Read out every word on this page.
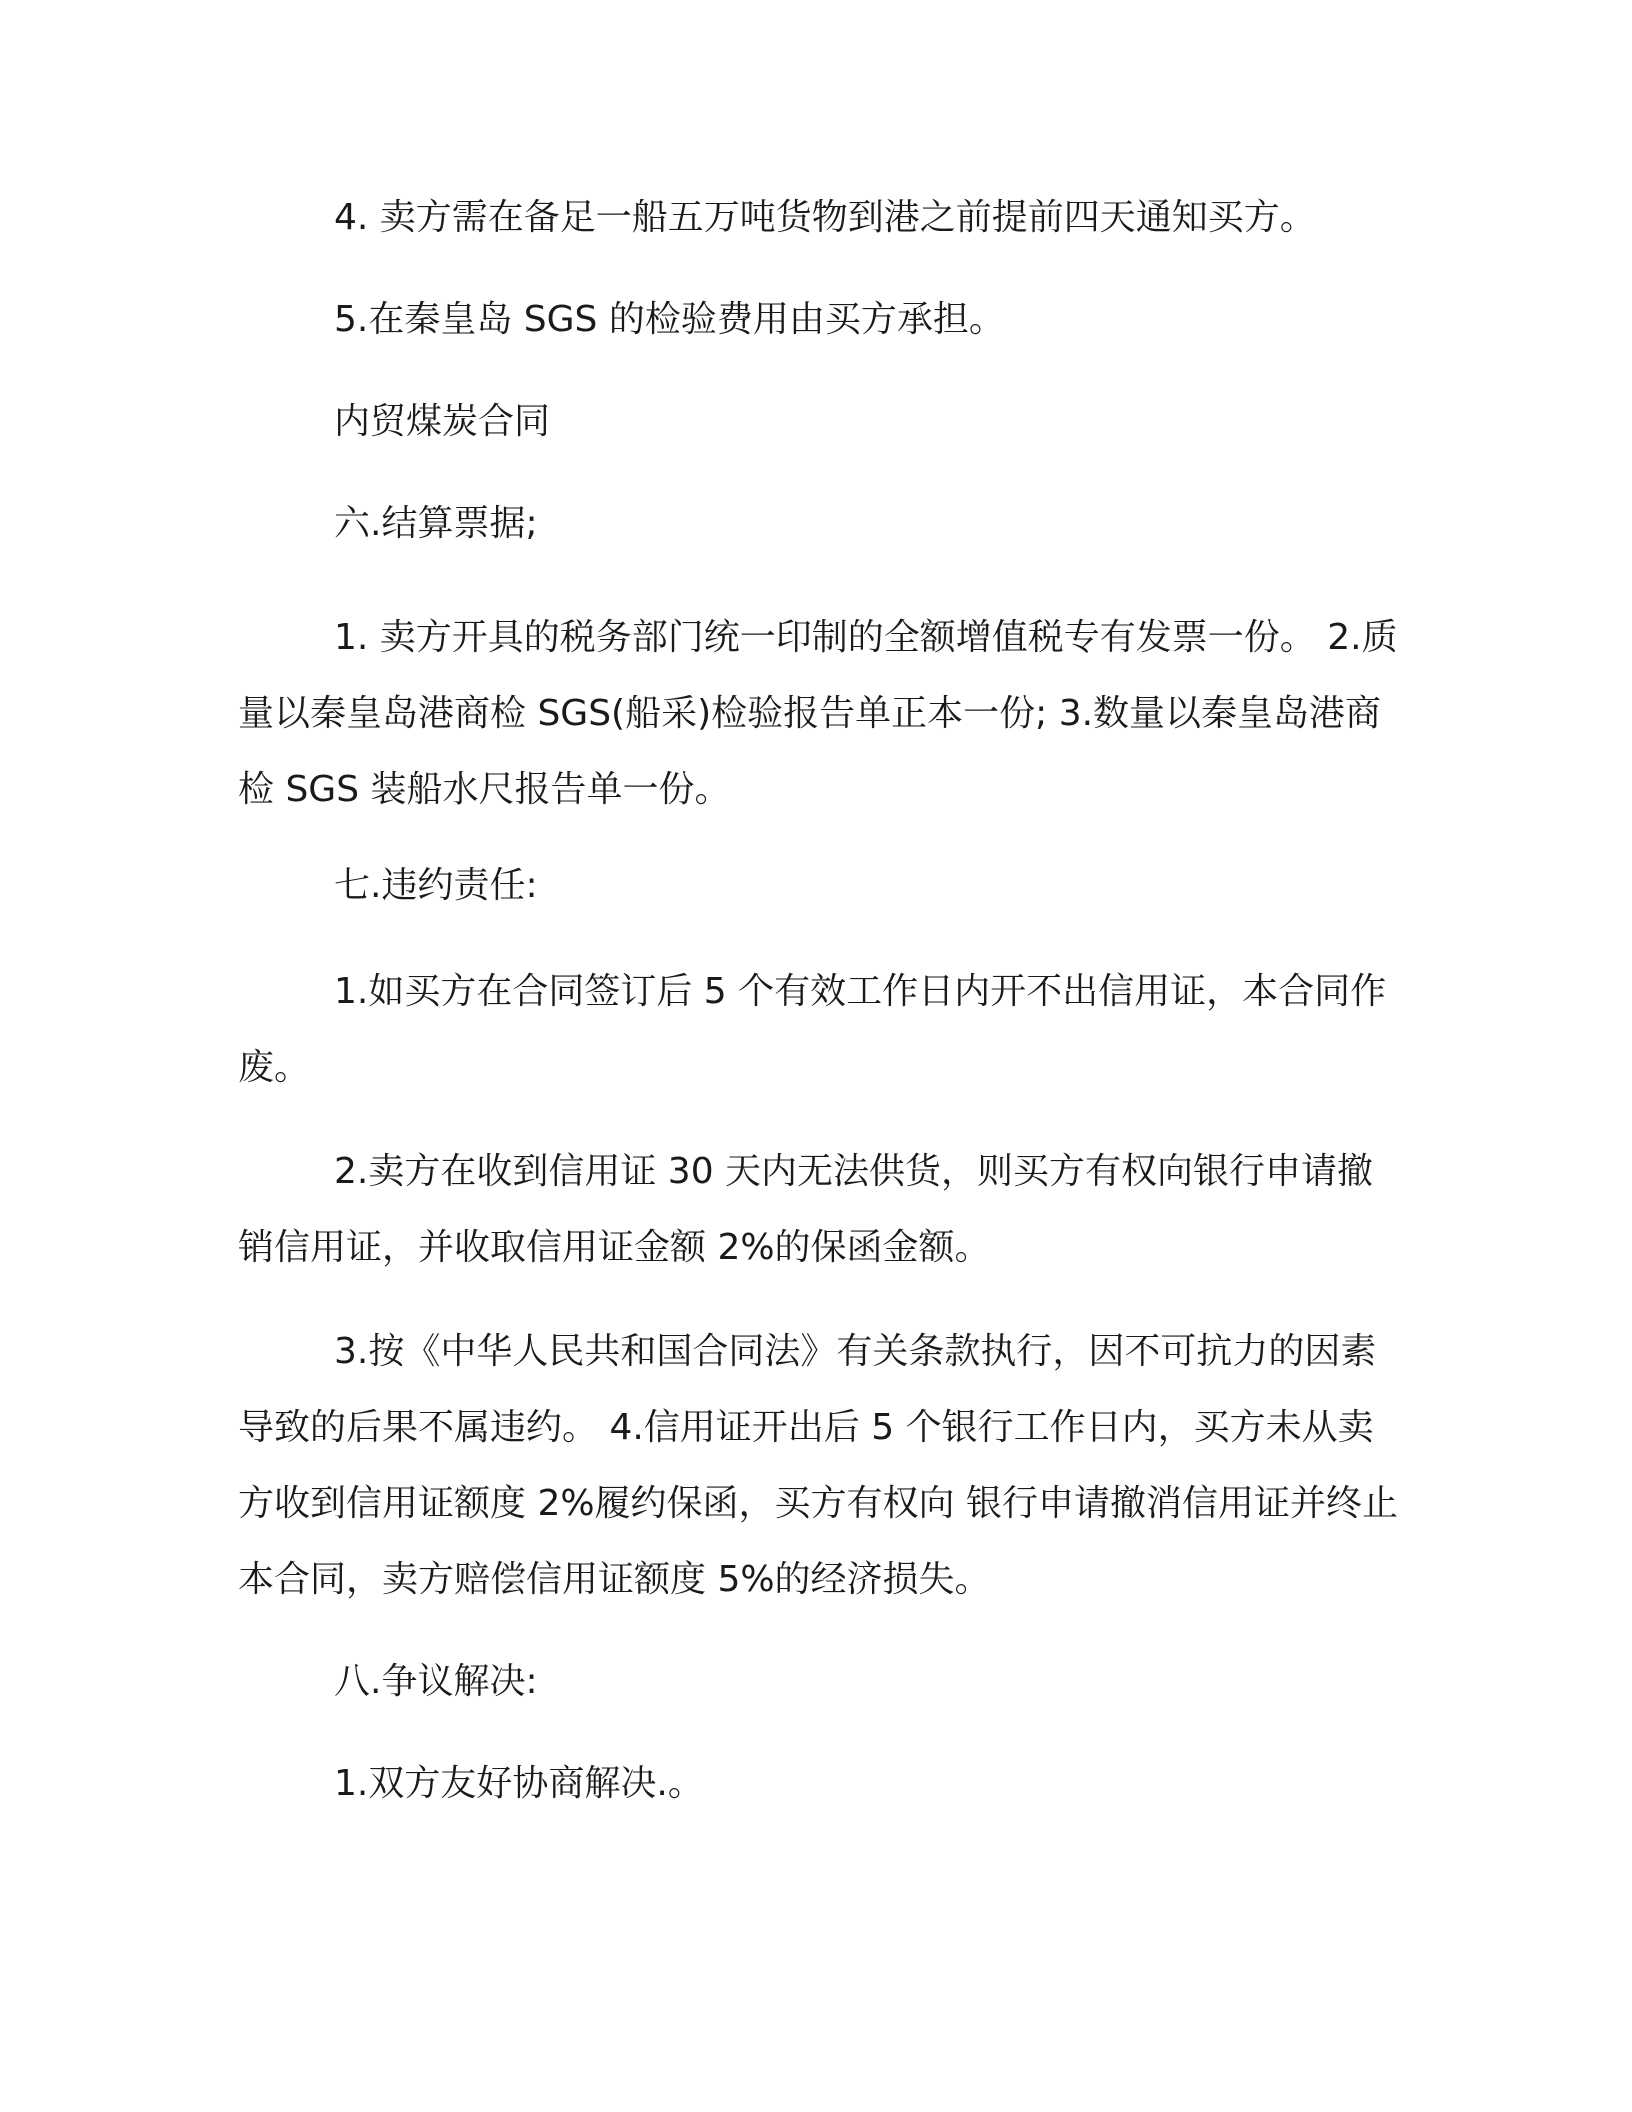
4. 卖方需在备足一船五万吨货物到港之前提前四天通知买方。

5.在秦皇岛 SGS 的检验费用由买方承担。

内贸煤炭合同

六.结算票据;

1. 卖方开具的税务部门统一印制的全额增值税专有发票一份。 2.质量以秦皇岛港商检 SGS(船采)检验报告单正本一份; 3.数量以秦皇岛港商检 SGS 装船水尺报告单一份。

七.违约责任:

1.如买方在合同签订后 5 个有效工作日内开不出信用证，本合同作废。

2.卖方在收到信用证 30 天内无法供货，则买方有权向银行申请撤销信用证，并收取信用证金额 2%的保函金额。

3.按《中华人民共和国合同法》有关条款执行，因不可抗力的因素导致的后果不属违约。 4.信用证开出后 5 个银行工作日内，买方未从卖方收到信用证额度 2%履约保函，买方有权向 银行申请撤消信用证并终止本合同，卖方赔偿信用证额度 5%的经济损失。

八.争议解决:

1.双方友好协商解决.。
